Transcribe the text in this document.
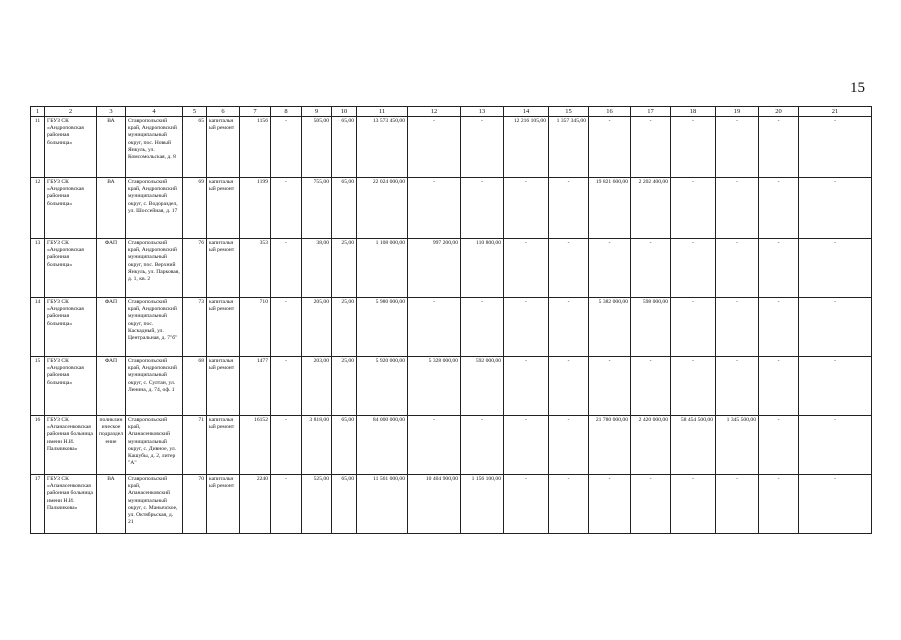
15
1	2	3	4	5	6	7	8	9	10	11	12	13	14	15	16	17	18	19	20	21
11	ГБУЗ СК «Андроповская районная больница»	ВА	Ставропольский край, Андроповский муниципальный округ, пос. Новый Янкуль, ул. Комсомольская, д. 8	65	капитальный ремонт	1156	-	505,00	65,00	13 573 450,00	-	-	12 216 105,00	1 357 345,00	-	-	-	-	-	-
12	ГБУЗ СК «Андроповская районная больница»	ВА	Ставропольский край, Андроповский муниципальный округ, с. Водораздел, ул. Шоссейная, д. 17	69	капитальный ремонт	1199	-	755,00	65,00	22 024 000,00	-	-	-	-	19 821 600,00	2 202 400,00	-	-	-	-
13	ГБУЗ СК «Андроповская районная больница»	ФАП	Ставропольский край, Андроповский муниципальный округ, пос. Верхний Янкуль, ул. Парковая, д. 1, кв. 2	76	капитальный ремонт	353	-	38,00	25,00	1 108 000,00	997 200,00	110 800,00	-	-	-	-	-	-	-	-
14	ГБУЗ СК «Андроповская районная больница»	ФАП	Ставропольский край, Андроповский муниципальный округ, пос. Каскадный, ул. Центральная, д. 7"б"	73	капитальный ремонт	710	-	205,00	25,00	5 980 000,00	-	-	-	-	5 382 000,00	598 000,00	-	-	-	-
15	ГБУЗ СК «Андроповская районная больница»	ФАП	Ставропольский край, Андроповский муниципальный округ, с. Султан, ул. Ленина, д. 74, оф. 1	68	капитальный ремонт	1477	-	203,00	25,00	5 920 000,00	5 328 000,00	592 000,00	-	-	-	-	-	-	-	-
16	ГБУЗ СК «Апанасенковская районная больница имени Н.И. Пальчикова»	поликлиническое подразделение	Ставропольский край, Апанасенковский муниципальный округ, с. Дивное, ул. Кашубы, д. 2, литер "А"	71	капитальный ремонт	16152	-	3 818,00	65,00	84 000 000,00	-	-	-	-	21 780 000,00	2 420 000,00	58 454 500,00	1 345 500,00	-	-
17	ГБУЗ СК «Апанасенковская районная больница имени Н.И. Пальчикова»	ВА	Ставропольский край, Апанасенковский муниципальный округ, с. Манычское, ул. Октябрьская, д. 21	70	капитальный ремонт	2240	-	525,00	65,00	11 561 000,00	10 404 900,00	1 156 100,00	-	-	-	-	-	-	-	-
